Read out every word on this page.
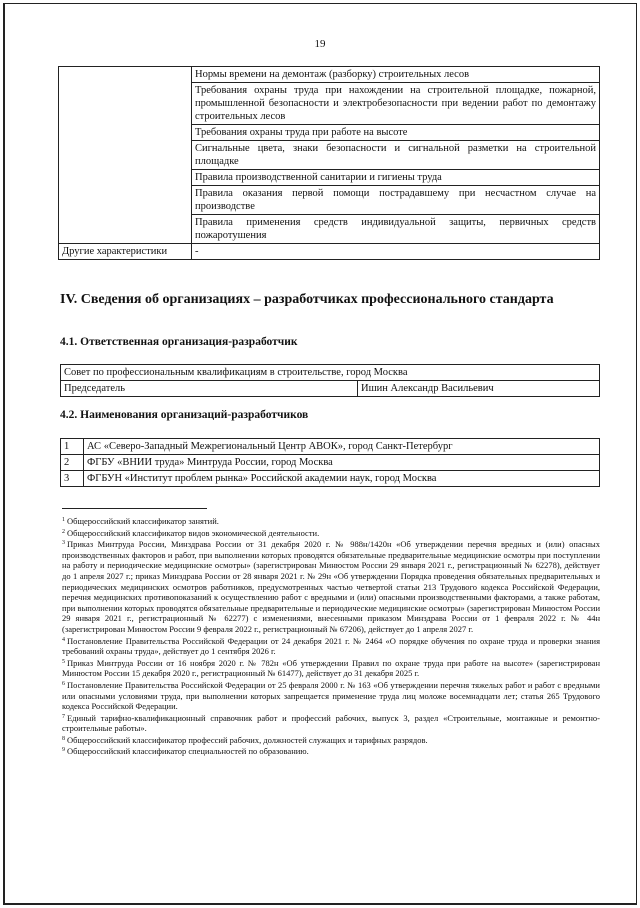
19
	Нормы времени на демонтаж (разборку) строительных лесов
	Требования охраны труда при нахождении на строительной площадке, пожарной, промышленной безопасности и электробезопасности при ведении работ по демонтажу строительных лесов
	Требования охраны труда при работе на высоте
	Сигнальные цвета, знаки безопасности и сигнальной разметки на строительной площадке
	Правила производственной санитарии и гигиены труда
	Правила оказания первой помощи пострадавшему при несчастном случае на производстве
	Правила применения средств индивидуальной защиты, первичных средств пожаротушения
Другие характеристики	-
IV. Сведения об организациях – разработчиках профессионального стандарта
4.1. Ответственная организация-разработчик
Совет по профессиональным квалификациям в строительстве, город Москва
Председатель	Ишин Александр Васильевич
4.2. Наименования организаций-разработчиков
1	АС «Северо-Западный Межрегиональный Центр АВОК», город Санкт-Петербург
2	ФГБУ «ВНИИ труда» Минтруда России, город Москва
3	ФГБУН «Институт проблем рынка» Российской академии наук, город Москва

$^1$ Общероссийский классификатор занятий.

$^2$ Общероссийский классификатор видов экономической деятельности.

$^3$ Приказ Минтруда России, Минздрава России от 31 декабря 2020 г. № 988н/1420н «Об утверждении перечня вредных и (или) опасных производственных факторов и работ, при выполнении которых проводятся обязательные предварительные медицинские осмотры при поступлении на работу и периодические медицинские осмотры» (зарегистрирован Минюстом России 29 января 2021 г., регистрационный № 62278), действует до 1 апреля 2027 г.; приказ Минздрава России от 28 января 2021 г. № 29н «Об утверждении Порядка проведения обязательных предварительных и периодических медицинских осмотров работников, предусмотренных частью четвертой статьи 213 Трудового кодекса Российской Федерации, перечня медицинских противопоказаний к осуществлению работ с вредными и (или) опасными производственными факторами, а также работам, при выполнении которых проводятся обязательные предварительные и периодические медицинские осмотры» (зарегистрирован Минюстом России 29 января 2021 г., регистрационный № 62277) с изменениями, внесенными приказом Минздрава России от 1 февраля 2022 г. № 44н (зарегистрирован Минюстом России 9 февраля 2022 г., регистрационный № 67206), действует до 1 апреля 2027 г.

$^4$ Постановление Правительства Российской Федерации от 24 декабря 2021 г. № 2464 «О порядке обучения по охране труда и проверки знания требований охраны труда», действует до 1 сентября 2026 г.

$^5$ Приказ Минтруда России от 16 ноября 2020 г. № 782н «Об утверждении Правил по охране труда при работе на высоте» (зарегистрирован Минюстом России 15 декабря 2020 г., регистрационный № 61477), действует до 31 декабря 2025 г.

$^6$ Постановление Правительства Российской Федерации от 25 февраля 2000 г. № 163 «Об утверждении перечня тяжелых работ и работ с вредными или опасными условиями труда, при выполнении которых запрещается применение труда лиц моложе восемнадцати лет; статья 265 Трудового кодекса Российской Федерации.

$^7$ Единый тарифно-квалификационный справочник работ и профессий рабочих, выпуск 3, раздел «Строительные, монтажные и ремонтно-строительные работы».

$^8$ Общероссийский классификатор профессий рабочих, должностей служащих и тарифных разрядов.

$^9$ Общероссийский классификатор специальностей по образованию.
